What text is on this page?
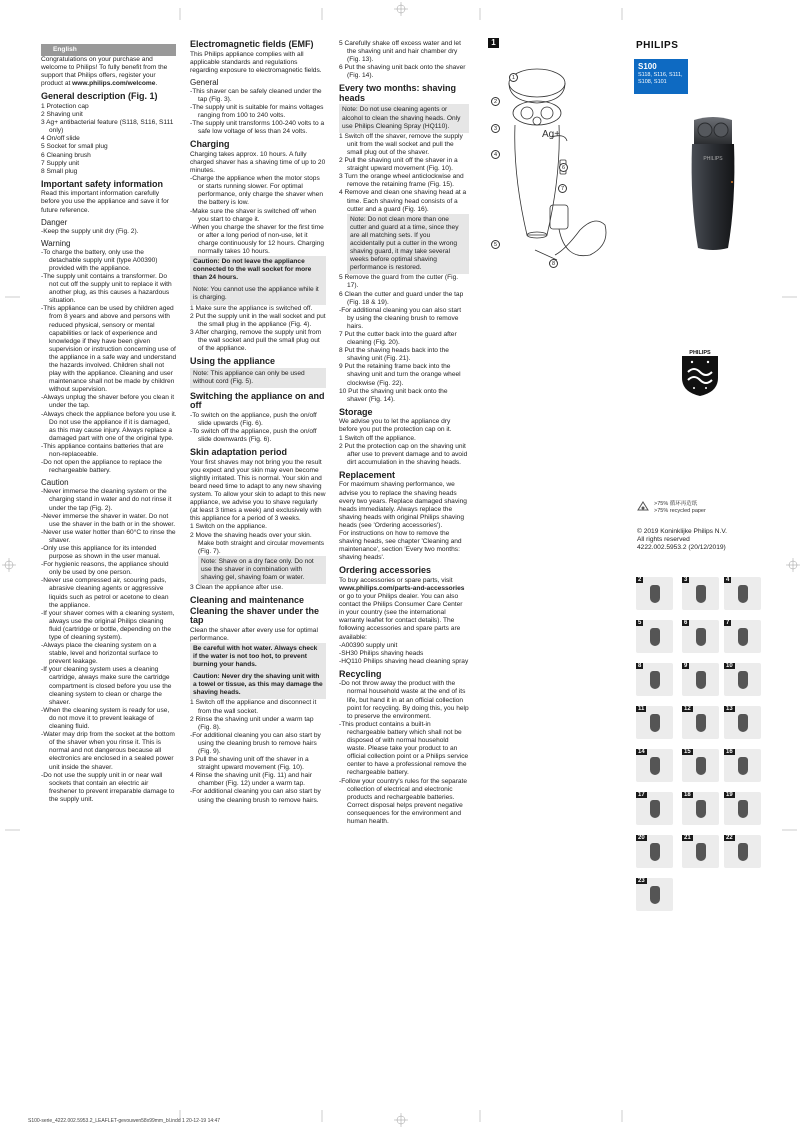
English

Congratulations on your purchase and welcome to Philips! To fully benefit from the support that Philips offers, register your product at www.philips.com/welcome.

General description (Fig. 1)
1 Protection cap
2 Shaving unit
3 Ag+ antibacterial feature (S118, S116, S111 only)
4 On/off slide
5 Socket for small plug
6 Cleaning brush
7 Supply unit
8 Small plug
Important safety information

Read this important information carefully before you use the appliance and save it for future reference.

Danger
-Keep the supply unit dry (Fig. 2).
Warning
-To charge the battery, only use the detachable supply unit (type A00390) provided with the appliance.
-The supply unit contains a transformer. Do not cut off the supply unit to replace it with another plug, as this causes a hazardous situation.
-This appliance can be used by children aged from 8 years and above and persons with reduced physical, sensory or mental capabilities or lack of experience and knowledge if they have been given supervision or instruction concerning use of the appliance in a safe way and understand the hazards involved. Children shall not play with the appliance. Cleaning and user maintenance shall not be made by children without supervision.
-Always unplug the shaver before you clean it under the tap.
-Always check the appliance before you use it. Do not use the appliance if it is damaged, as this may cause injury. Always replace a damaged part with one of the original type.
-This appliance contains batteries that are non-replaceable.
-Do not open the appliance to replace the rechargeable battery.
Caution
-Never immerse the cleaning system or the charging stand in water and do not rinse it under the tap (Fig. 2).
-Never immerse the shaver in water. Do not use the shaver in the bath or in the shower.
-Never use water hotter than 60°C to rinse the shaver.
-Only use this appliance for its intended purpose as shown in the user manual.
-For hygienic reasons, the appliance should only be used by one person.
-Never use compressed air, scouring pads, abrasive cleaning agents or aggressive liquids such as petrol or acetone to clean the appliance.
-If your shaver comes with a cleaning system, always use the original Philips cleaning fluid (cartridge or bottle, depending on the type of cleaning system).
-Always place the cleaning system on a stable, level and horizontal surface to prevent leakage.
-If your cleaning system uses a cleaning cartridge, always make sure the cartridge compartment is closed before you use the cleaning system to clean or charge the shaver.
-When the cleaning system is ready for use, do not move it to prevent leakage of cleaning fluid.
-Water may drip from the socket at the bottom of the shaver when you rinse it. This is normal and not dangerous because all electronics are enclosed in a sealed power unit inside the shaver.
-Do not use the supply unit in or near wall sockets that contain an electric air freshener to prevent irreparable damage to the supply unit.
Electromagnetic fields (EMF)

This Philips appliance complies with all applicable standards and regulations regarding exposure to electromagnetic fields.

General
-This shaver can be safely cleaned under the tap (Fig. 3).
-The supply unit is suitable for mains voltages ranging from 100 to 240 volts.
-The supply unit transforms 100-240 volts to a safe low voltage of less than 24 volts.
Charging

Charging takes approx. 10 hours. A fully charged shaver has a shaving time of up to 20 minutes.

-Charge the appliance when the motor stops or starts running slower. For optimal performance, only charge the shaver when the battery is low.
-Make sure the shaver is switched off when you start to charge it.
-When you charge the shaver for the first time or after a long period of non-use, let it charge continuously for 12 hours. Charging normally takes 10 hours.
Caution: Do not leave the appliance connected to the wall socket for more than 24 hours.
Note: You cannot use the appliance while it is charging.
1 Make sure the appliance is switched off.
2 Put the supply unit in the wall socket and put the small plug in the appliance (Fig. 4).
3 After charging, remove the supply unit from the wall socket and pull the small plug out of the appliance.
Using the appliance
Note: This appliance can only be used without cord (Fig. 5).
Switching the appliance on and off
-To switch on the appliance, push the on/off slide upwards (Fig. 6).
-To switch off the appliance, push the on/off slide downwards (Fig. 6).
Skin adaptation period

Your first shaves may not bring you the result you expect and your skin may even become slightly irritated. This is normal. Your skin and beard need time to adapt to any new shaving system. To allow your skin to adapt to this new appliance, we advise you to shave regularly (at least 3 times a week) and exclusively with this appliance for a period of 3 weeks.

1 Switch on the appliance.
2 Move the shaving heads over your skin. Make both straight and circular movements (Fig. 7).
Note: Shave on a dry face only. Do not use the shaver in combination with shaving gel, shaving foam or water.

3 Clean the appliance after use.

Cleaning and maintenance
Cleaning the shaver under the tap

Clean the shaver after every use for optimal performance.

Be careful with hot water. Always check if the water is not too hot, to prevent burning your hands.
Caution: Never dry the shaving unit with a towel or tissue, as this may damage the shaving heads.
1 Switch off the appliance and disconnect it from the wall socket.
2 Rinse the shaving unit under a warm tap (Fig. 8).
-For additional cleaning you can also start by using the cleaning brush to remove hairs (Fig. 9).
3 Pull the shaving unit off the shaver in a straight upward movement (Fig. 10).
4 Rinse the shaving unit (Fig. 11) and hair chamber (Fig. 12) under a warm tap.
-For additional cleaning you can also start by using the cleaning brush to remove hairs.
5 Carefully shake off excess water and let the shaving unit and hair chamber dry (Fig. 13).
6 Put the shaving unit back onto the shaver (Fig. 14).
Every two months: shaving heads
Note: Do not use cleaning agents or alcohol to clean the shaving heads. Only use Philips Cleaning Spray (HQ110).
1 Switch off the shaver, remove the supply unit from the wall socket and pull the small plug out of the shaver.
2 Pull the shaving unit off the shaver in a straight upward movement (Fig. 10).
3 Turn the orange wheel anticlockwise and remove the retaining frame (Fig. 15).
4 Remove and clean one shaving head at a time. Each shaving head consists of a cutter and a guard (Fig. 16).
Note: Do not clean more than one cutter and guard at a time, since they are all matching sets. If you accidentally put a cutter in the wrong shaving guard, it may take several weeks before optimal shaving performance is restored.
5 Remove the guard from the cutter (Fig. 17).
6 Clean the cutter and guard under the tap (Fig. 18 & 19).
-For additional cleaning you can also start by using the cleaning brush to remove hairs.
7 Put the cutter back into the guard after cleaning (Fig. 20).
8 Put the shaving heads back into the shaving unit (Fig. 21).
9 Put the retaining frame back into the shaving unit and turn the orange wheel clockwise (Fig. 22).
10 Put the shaving unit back onto the shaver (Fig. 14).
Storage

We advise you to let the appliance dry before you put the protection cap on it.

1 Switch off the appliance.
2 Put the protection cap on the shaving unit after use to prevent damage and to avoid dirt accumulation in the shaving heads.
Replacement

For maximum shaving performance, we advise you to replace the shaving heads every two years. Replace damaged shaving heads immediately. Always replace the shaving heads with original Philips shaving heads (see 'Ordering accessories').

For instructions on how to remove the shaving heads, see chapter 'Cleaning and maintenance', section 'Every two months: shaving heads'.

Ordering accessories

To buy accessories or spare parts, visit www.philips.com/parts-and-accessories or go to your Philips dealer. You can also contact the Philips Consumer Care Center in your country (see the international warranty leaflet for contact details). The following accessories and spare parts are available:

-A00390 supply unit
-SH30 Philips shaving heads
-HQ110 Philips shaving head cleaning spray
Recycling
-Do not throw away the product with the normal household waste at the end of its life, but hand it in at an official collection point for recycling. By doing this, you help to preserve the environment.
-This product contains a built-in rechargeable battery which shall not be disposed of with normal household waste. Please take your product to an official collection point or a Philips service center to have a professional remove the rechargeable battery.
-Follow your country's rules for the separate collection of electrical and electronic products and rechargeable batteries. Correct disposal helps prevent negative consequences for the environment and human health.
1
Ag+
1
2
3
4
5
6
7
8
PHILIPS
S100
S118, S116, S111, S108, S101
PHILIPS
PHILIPS
>75% 循环再造纸
>75% recycled paper
© 2019 Koninklijke Philips N.V.
All rights reserved
4222.002.5953.2 (20/12/2019)
2	3	4
5	6	7
8	9	10
11	12	13
14	15	16
17	18	19
20	21	22
23
S100-serie_4222.002.5953.2_LEAFLET-gevouwen58x99mm_bl.indd 1 20-12-19 14:47
